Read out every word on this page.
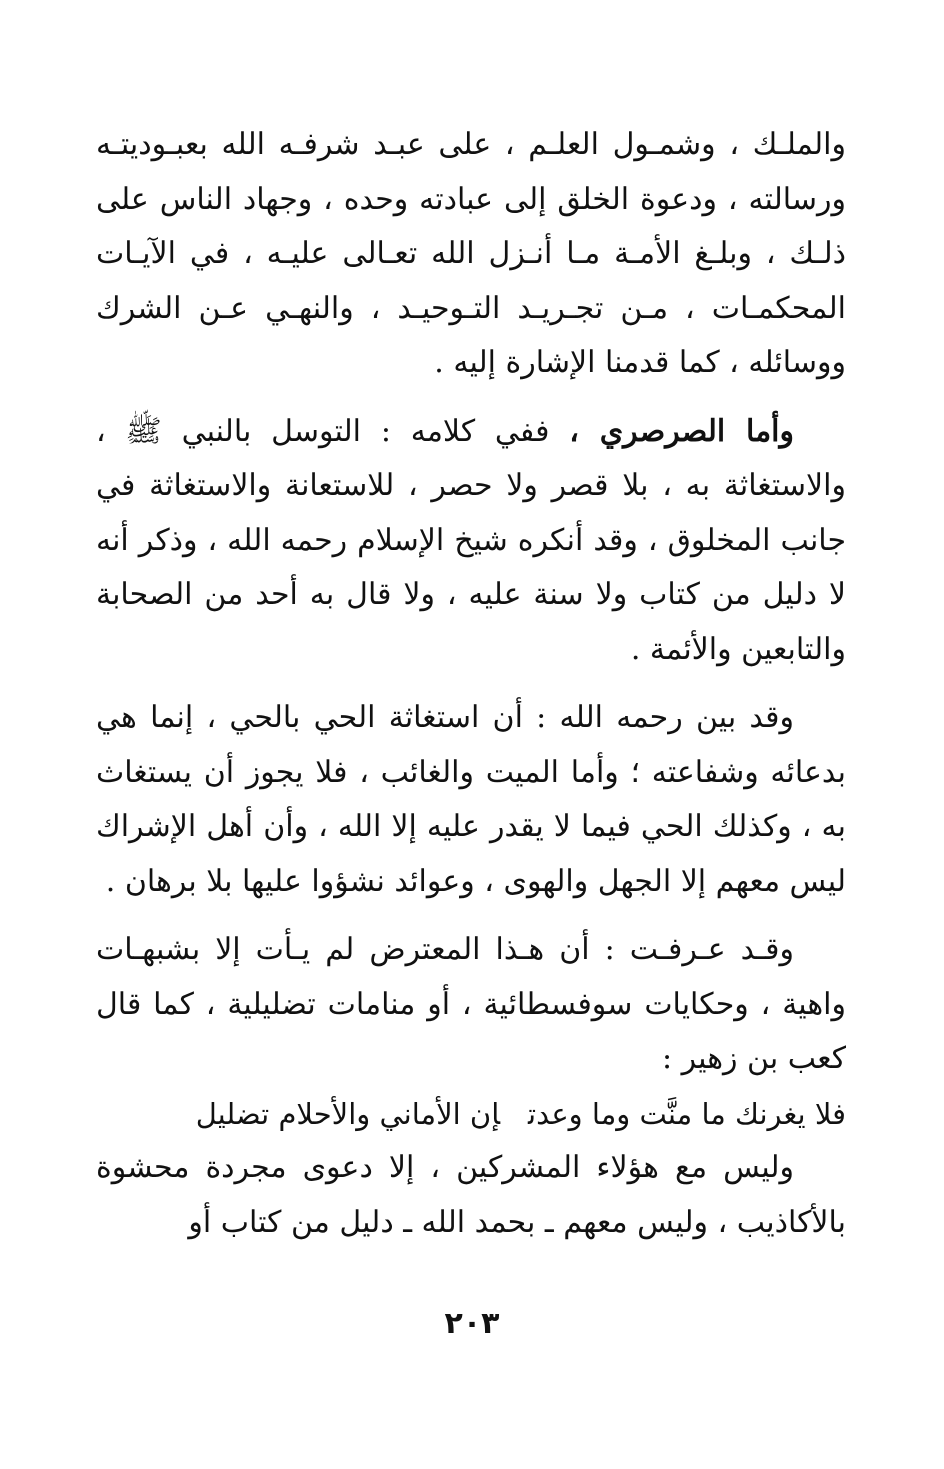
والملـك ، وشمـول العلـم ، على عبـد شرفـه الله بعبـوديتـه ورسالته ، ودعوة الخلق إلى عبادته وحده ، وجهاد الناس على ذلـك ، وبلـغ الأمـة مـا أنـزل الله تعـالى عليـه ، في الآيـات المحكمـات ، مـن تجـريـد التـوحيـد ، والنهـي عـن الشرك ووسائله ، كما قدمنا الإشارة إليه .

وأما الصرصري ، ففي كلامه : التوسل بالنبي ﷺ ، والاستغاثة به ، بلا قصر ولا حصر ، للاستعانة والاستغاثة في جانب المخلوق ، وقد أنكره شيخ الإسلام رحمه الله ، وذكر أنه لا دليل من كتاب ولا سنة عليه ، ولا قال به أحد من الصحابة والتابعين والأئمة .

وقد بين رحمه الله : أن استغاثة الحي بالحي ، إنما هي بدعائه وشفاعته ؛ وأما الميت والغائب ، فلا يجوز أن يستغاث به ، وكذلك الحي فيما لا يقدر عليه إلا الله ، وأن أهل الإشراك ليس معهم إلا الجهل والهوى ، وعوائد نشؤوا عليها بلا برهان .

وقـد عـرفـت : أن هـذا المعترض لم يـأت إلا بشبهـات واهية ، وحكايات سوفسطائية ، أو منامات تضليلية ، كما قال كعب بن زهير :

فلا يغرنك ما منَّت وما وعدتإن الأماني والأحلام تضليل

وليس مع هؤلاء المشركين ، إلا دعوى مجردة محشوة بالأكاذيب ، وليس معهم ـ بحمد الله ـ دليل من كتاب أو

٢٠٣
